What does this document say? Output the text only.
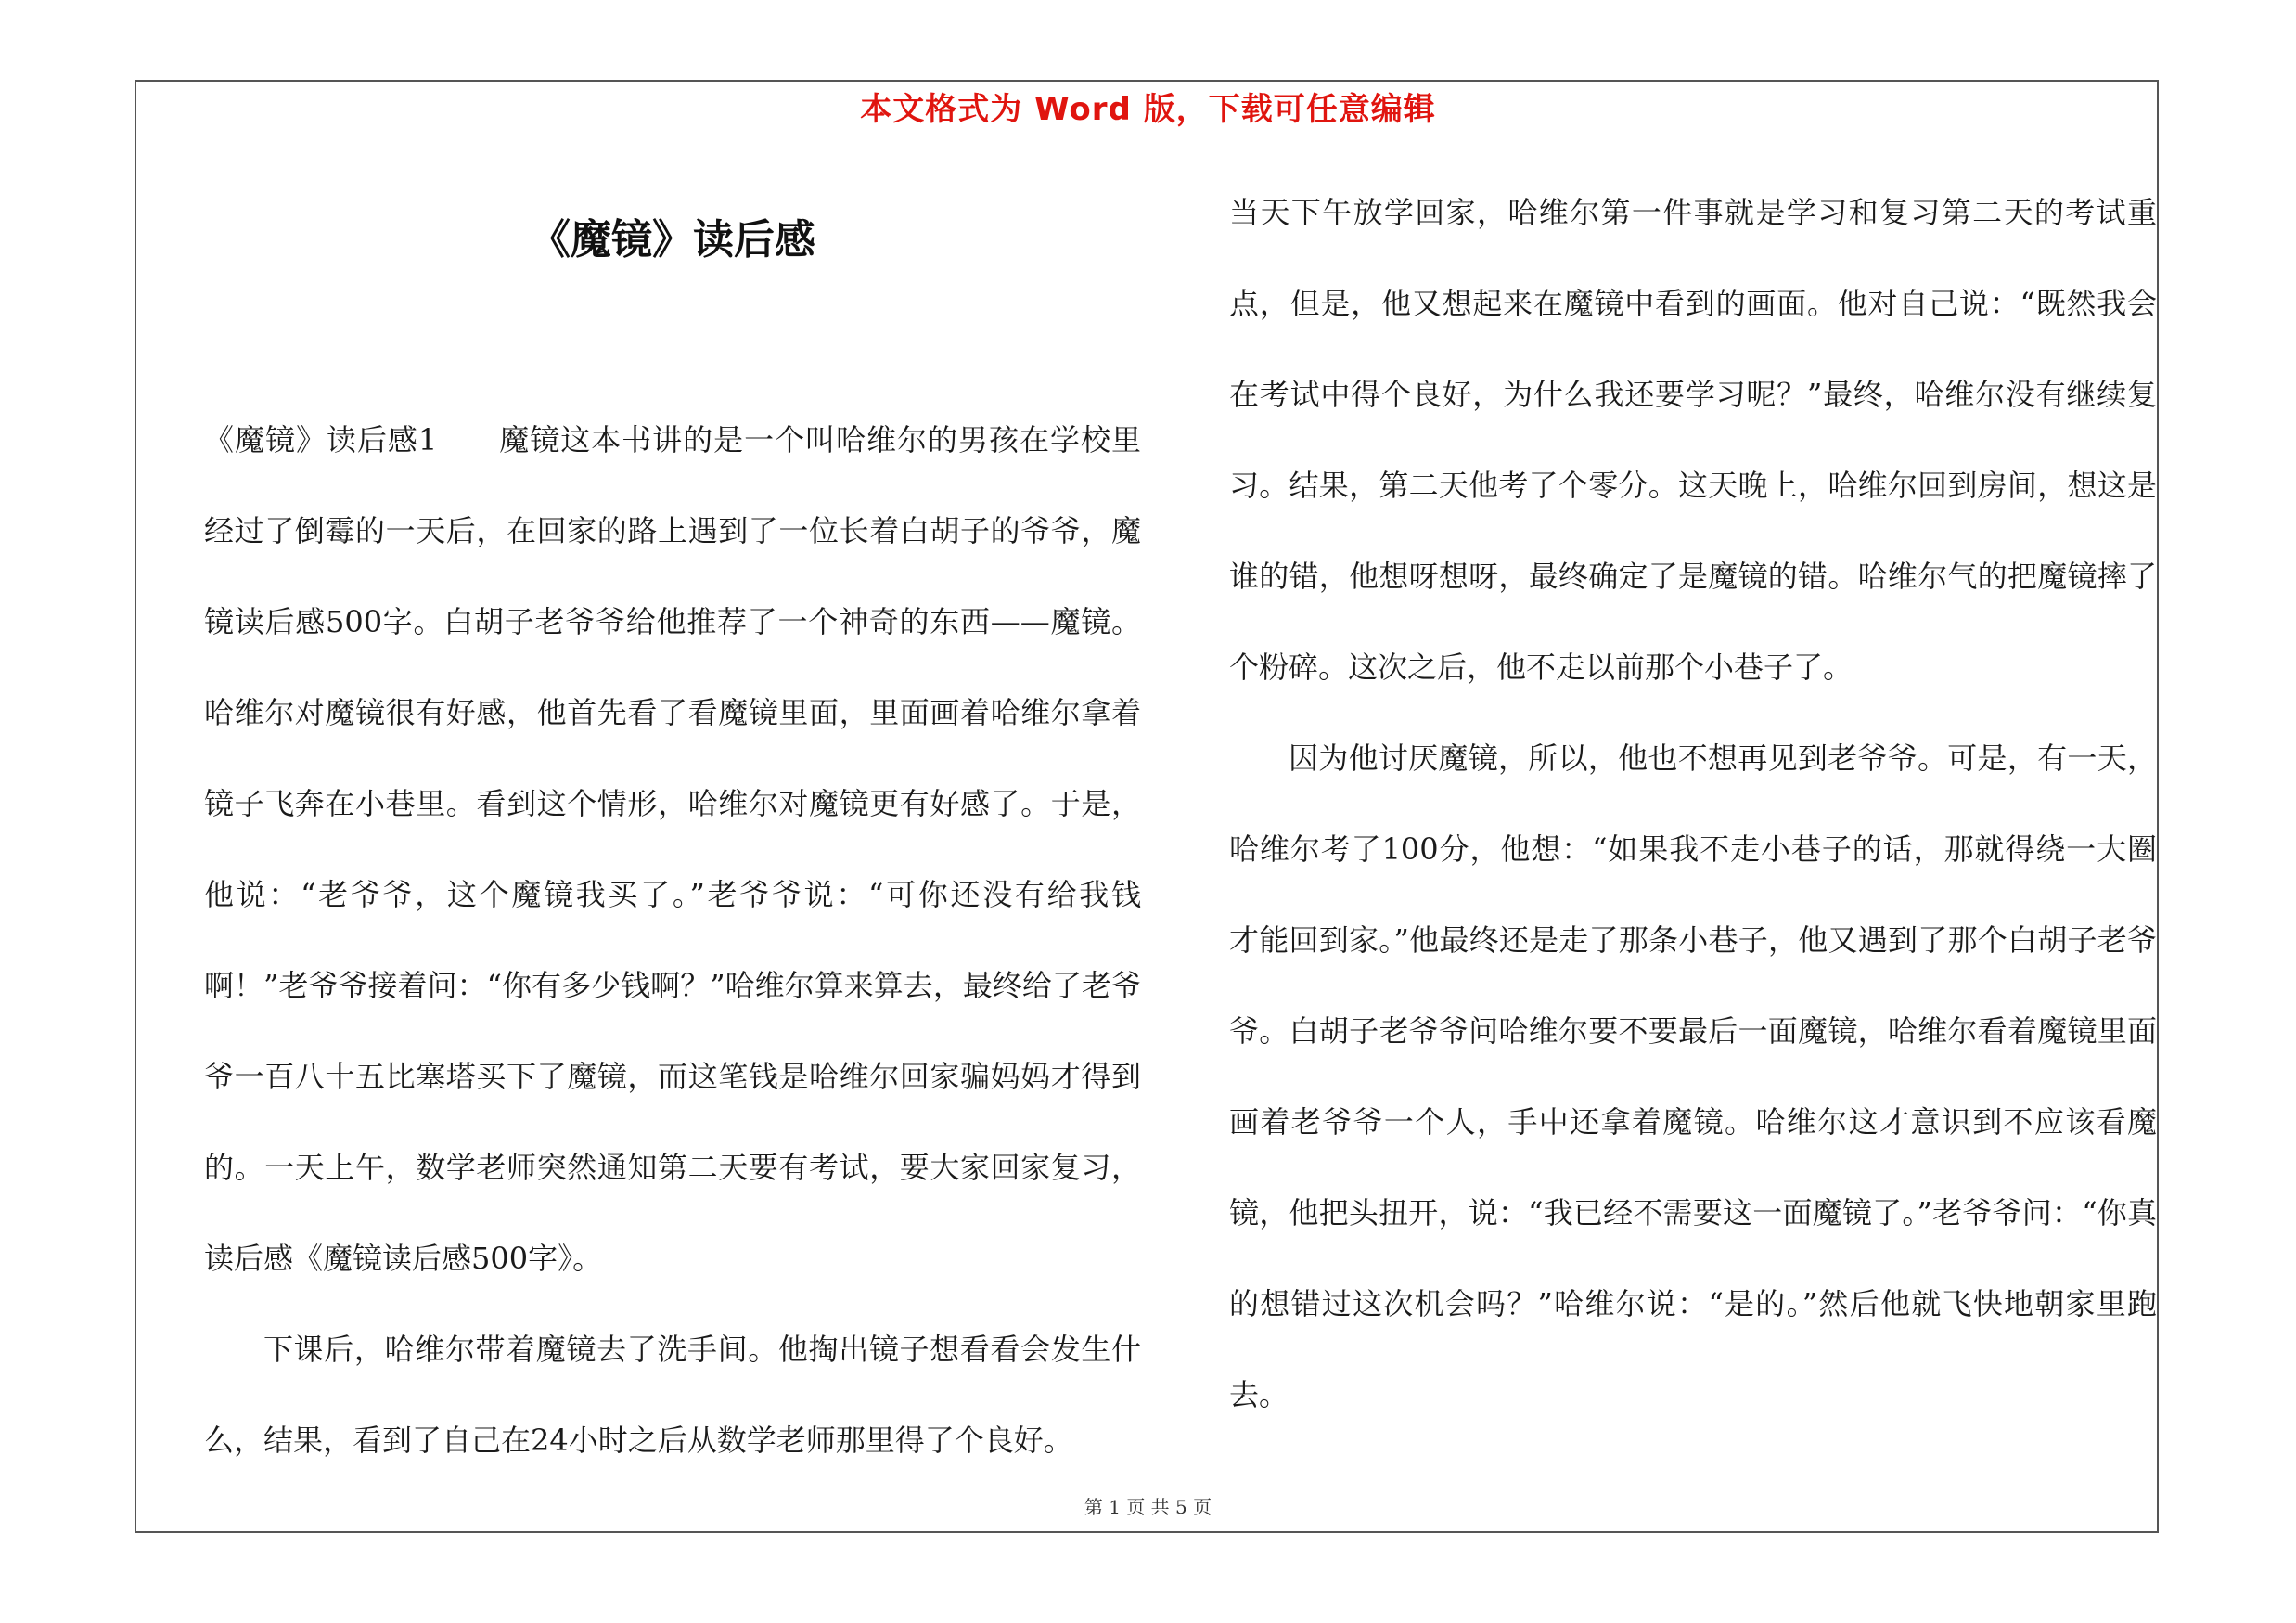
本文格式为 Word 版，下载可任意编辑
《魔镜》读后感

《魔镜》读后感1　　魔镜这本书讲的是一个叫哈维尔的男孩在学校里经过了倒霉的一天后，在回家的路上遇到了一位长着白胡子的爷爷，魔镜读后感500字。白胡子老爷爷给他推荐了一个神奇的东西——魔镜。哈维尔对魔镜很有好感，他首先看了看魔镜里面，里面画着哈维尔拿着镜子飞奔在小巷里。看到这个情形，哈维尔对魔镜更有好感了。于是，他说：“老爷爷，这个魔镜我买了。”老爷爷说：“可你还没有给我钱啊！”老爷爷接着问：“你有多少钱啊？”哈维尔算来算去，最终给了老爷爷一百八十五比塞塔买下了魔镜，而这笔钱是哈维尔回家骗妈妈才得到的。一天上午，数学老师突然通知第二天要有考试，要大家回家复习，读后感《魔镜读后感500字》。

下课后，哈维尔带着魔镜去了洗手间。他掏出镜子想看看会发生什么，结果，看到了自己在24小时之后从数学老师那里得了个良好。

当天下午放学回家，哈维尔第一件事就是学习和复习第二天的考试重点，但是，他又想起来在魔镜中看到的画面。他对自己说：“既然我会在考试中得个良好，为什么我还要学习呢？”最终，哈维尔没有继续复习。结果，第二天他考了个零分。这天晚上，哈维尔回到房间，想这是谁的错，他想呀想呀，最终确定了是魔镜的错。哈维尔气的把魔镜摔了个粉碎。这次之后，他不走以前那个小巷子了。

因为他讨厌魔镜，所以，他也不想再见到老爷爷。可是，有一天，哈维尔考了100分，他想：“如果我不走小巷子的话，那就得绕一大圈才能回到家。”他最终还是走了那条小巷子，他又遇到了那个白胡子老爷爷。白胡子老爷爷问哈维尔要不要最后一面魔镜，哈维尔看着魔镜里面画着老爷爷一个人，手中还拿着魔镜。哈维尔这才意识到不应该看魔镜，他把头扭开，说：“我已经不需要这一面魔镜了。”老爷爷问：“你真的想错过这次机会吗？”哈维尔说：“是的。”然后他就飞快地朝家里跑去。

第 1 页 共 5 页
